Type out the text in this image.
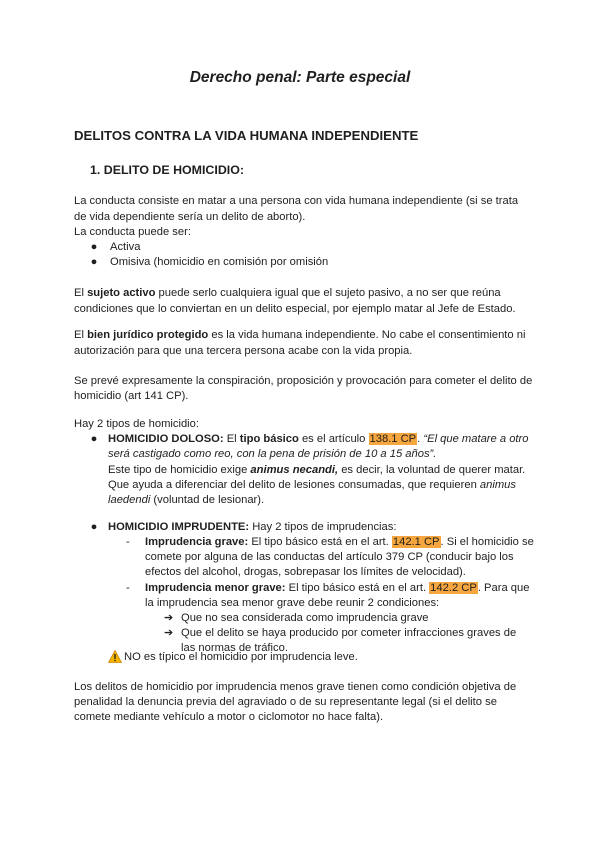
Derecho penal: Parte especial
DELITOS CONTRA LA VIDA HUMANA INDEPENDIENTE
1. DELITO DE HOMICIDIO:

La conducta consiste en matar a una persona con vida humana independiente (si se trata

de vida dependiente sería un delito de aborto).

La conducta puede ser:

● Activa

● Omisiva (homicidio en comisión por omisión

El sujeto activo puede serlo cualquiera igual que el sujeto pasivo, a no ser que reúna

condiciones que lo conviertan en un delito especial, por ejemplo matar al Jefe de Estado.

El bien jurídico protegido es la vida humana independiente. No cabe el consentimiento ni

autorización para que una tercera persona acabe con la vida propia.

Se prevé expresamente la conspiración, proposición y provocación para cometer el delito de

homicidio (art 141 CP).

Hay 2 tipos de homicidio:

● HOMICIDIO DOLOSO: El tipo básico es el artículo 138.1 CP. “El que matare a otro

será castigado como reo, con la pena de prisión de 10 a 15 años”.

Este tipo de homicidio exige animus necandi, es decir, la voluntad de querer matar.

Que ayuda a diferenciar del delito de lesiones consumadas, que requieren animus

laedendi (voluntad de lesionar).

● HOMICIDIO IMPRUDENTE: Hay 2 tipos de imprudencias:

-	Imprudencia grave: El tipo básico está en el art. 142.1 CP. Si el homicidio se

comete por alguna de las conductas del artículo 379 CP (conducir bajo los

efectos del alcohol, drogas, sobrepasar los límites de velocidad).

-	Imprudencia menor grave: El tipo básico está en el art. 142.2 CP. Para que

la imprudencia sea menor grave debe reunir 2 condiciones:

➔ Que no sea considerada como imprudencia grave

➔ Que el delito se haya producido por cometer infracciones graves de

las normas de tráfico.

NO es típico el homicidio por imprudencia leve.

Los delitos de homicidio por imprudencia menos grave tienen como condición objetiva de

penalidad la denuncia previa del agraviado o de su representante legal (si el delito se

comete mediante vehículo a motor o ciclomotor no hace falta).
